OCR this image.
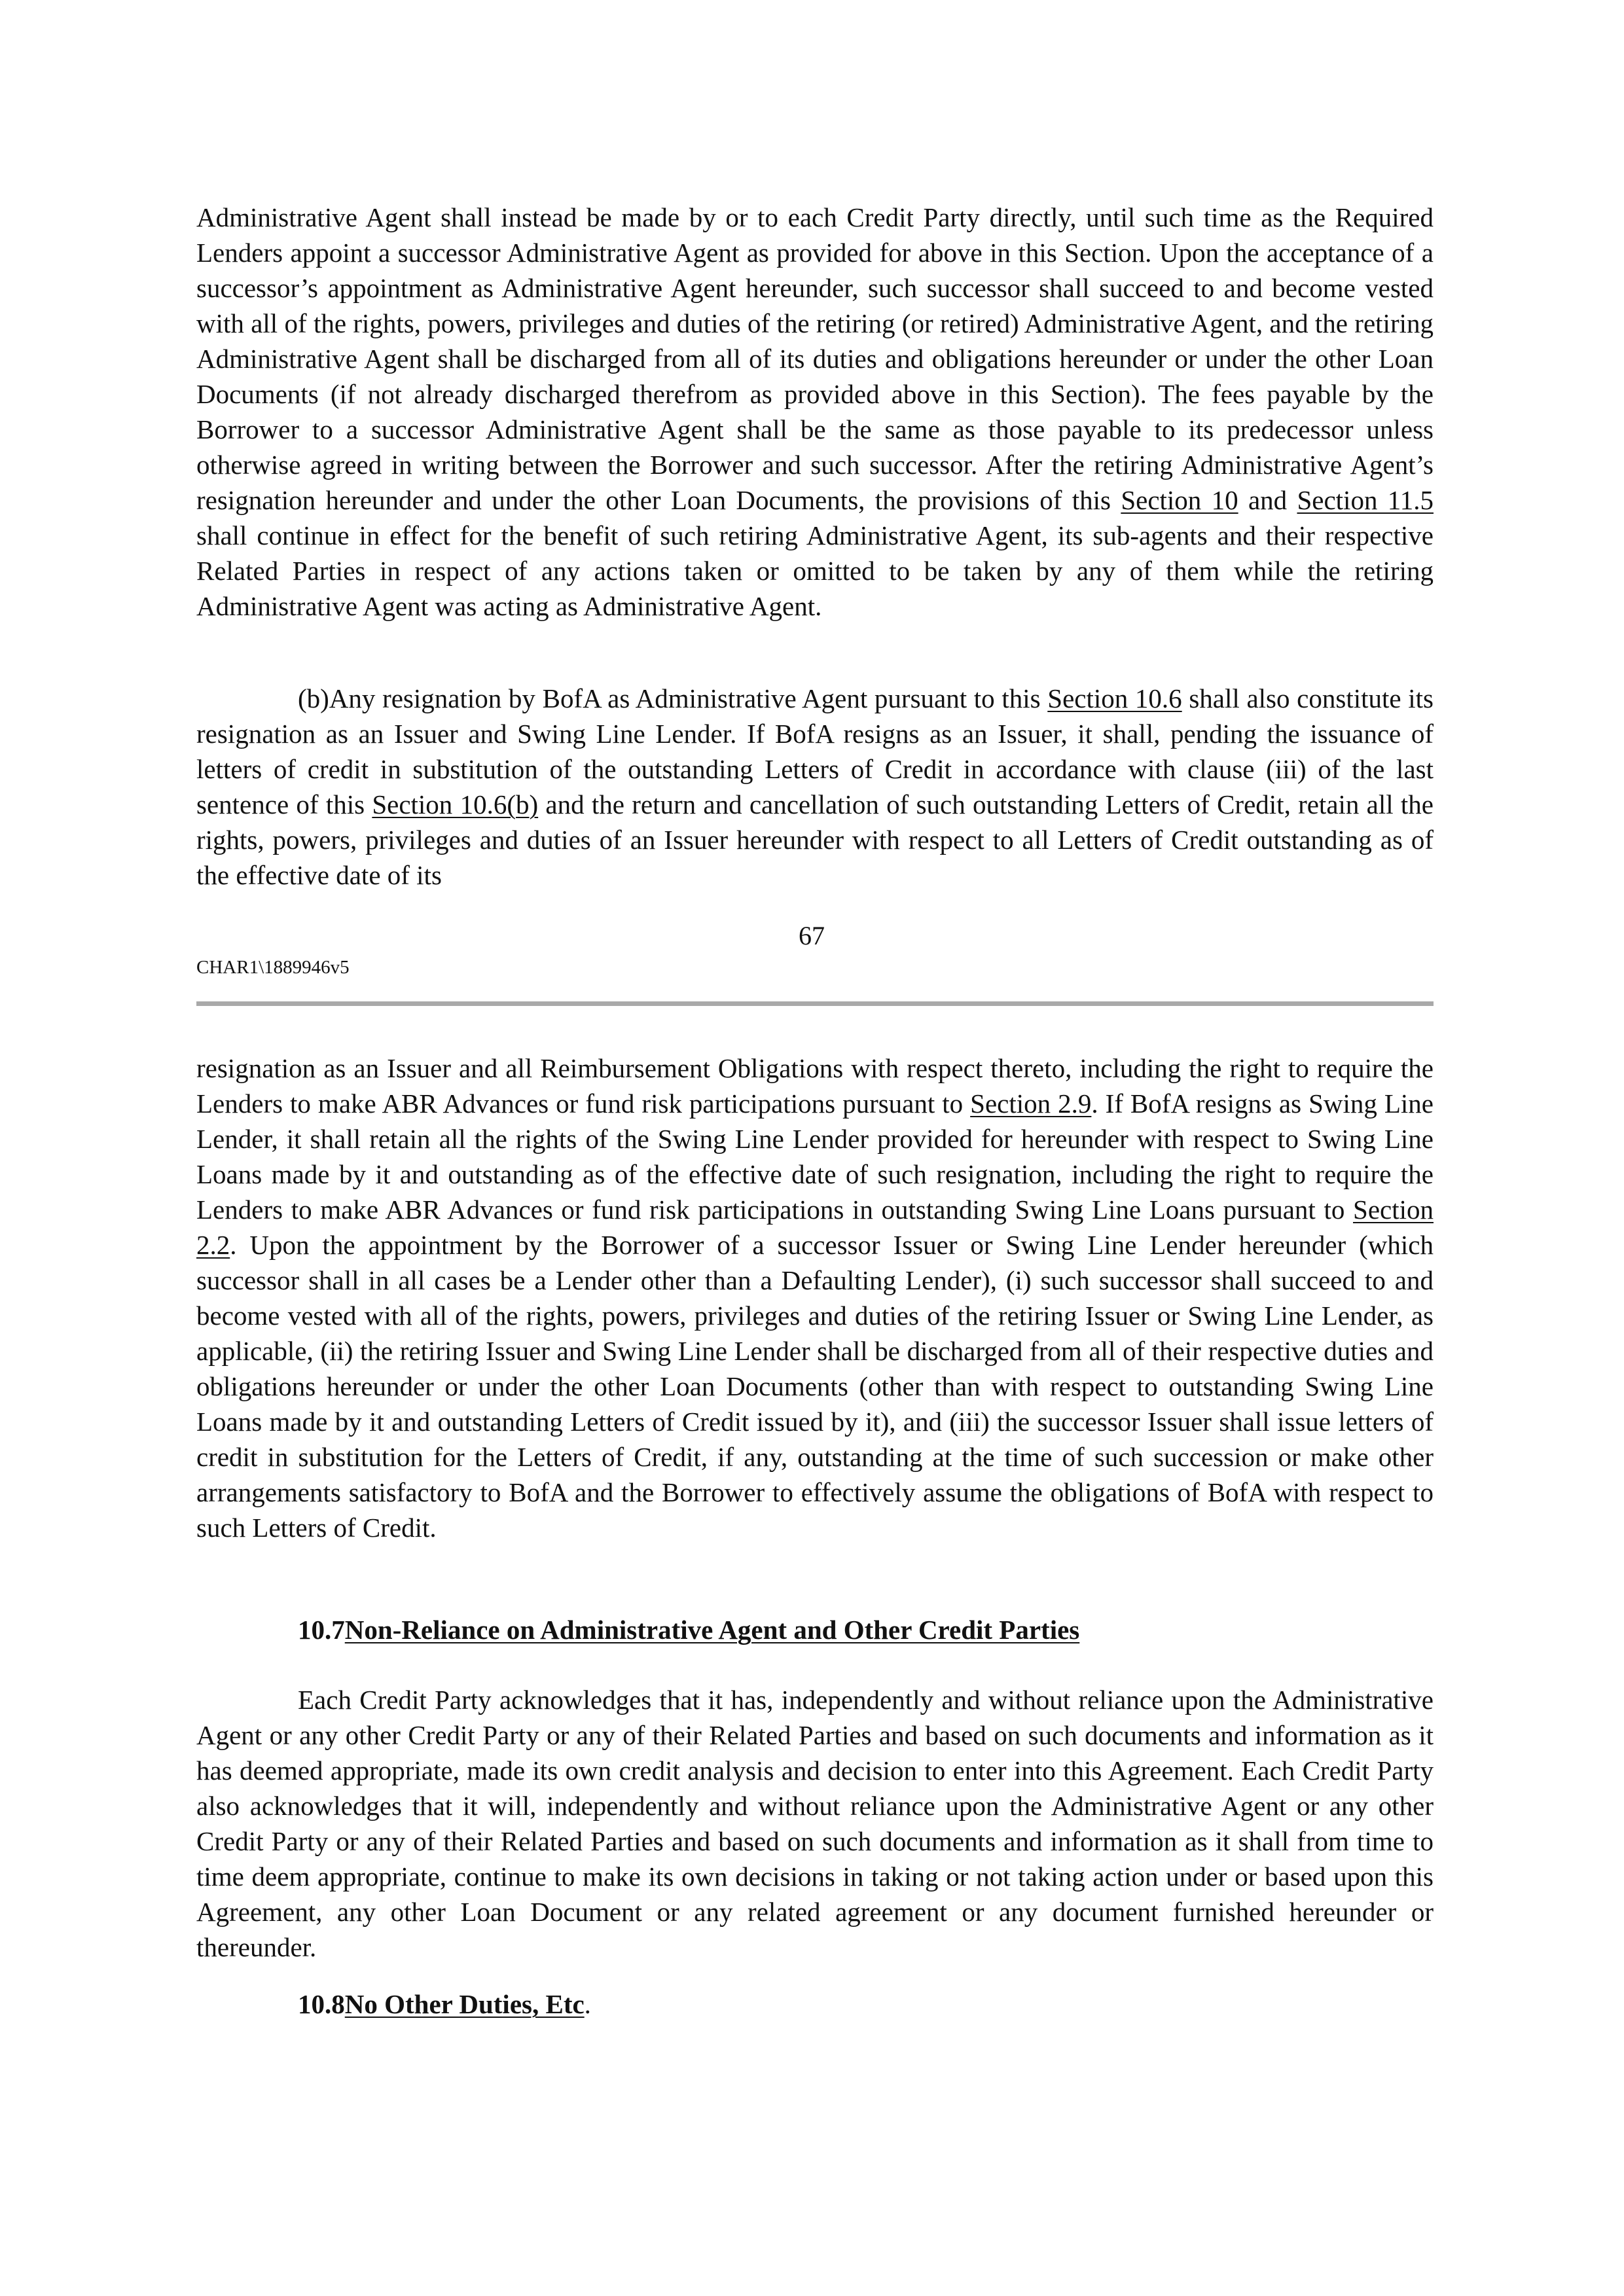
Administrative Agent shall instead be made by or to each Credit Party directly, until such time as the Required Lenders appoint a successor Administrative Agent as provided for above in this Section. Upon the acceptance of a successor’s appointment as Administrative Agent hereunder, such successor shall succeed to and become vested with all of the rights, powers, privileges and duties of the retiring (or retired) Administrative Agent, and the retiring Administrative Agent shall be discharged from all of its duties and obligations hereunder or under the other Loan Documents (if not already discharged therefrom as provided above in this Section). The fees payable by the Borrower to a successor Administrative Agent shall be the same as those payable to its predecessor unless otherwise agreed in writing between the Borrower and such successor. After the retiring Administrative Agent’s resignation hereunder and under the other Loan Documents, the provisions of this Section 10 and Section 11.5 shall continue in effect for the benefit of such retiring Administrative Agent, its sub-agents and their respective Related Parties in respect of any actions taken or omitted to be taken by any of them while the retiring Administrative Agent was acting as Administrative Agent.

(b)Any resignation by BofA as Administrative Agent pursuant to this Section 10.6 shall also constitute its resignation as an Issuer and Swing Line Lender. If BofA resigns as an Issuer, it shall, pending the issuance of letters of credit in substitution of the outstanding Letters of Credit in accordance with clause (iii) of the last sentence of this Section 10.6(b) and the return and cancellation of such outstanding Letters of Credit, retain all the rights, powers, privileges and duties of an Issuer hereunder with respect to all Letters of Credit outstanding as of the effective date of its

67
CHAR1\1889946v5

resignation as an Issuer and all Reimbursement Obligations with respect thereto, including the right to require the Lenders to make ABR Advances or fund risk participations pursuant to Section 2.9. If BofA resigns as Swing Line Lender, it shall retain all the rights of the Swing Line Lender provided for hereunder with respect to Swing Line Loans made by it and outstanding as of the effective date of such resignation, including the right to require the Lenders to make ABR Advances or fund risk participations in outstanding Swing Line Loans pursuant to Section 2.2. Upon the appointment by the Borrower of a successor Issuer or Swing Line Lender hereunder (which successor shall in all cases be a Lender other than a Defaulting Lender), (i) such successor shall succeed to and become vested with all of the rights, powers, privileges and duties of the retiring Issuer or Swing Line Lender, as applicable, (ii) the retiring Issuer and Swing Line Lender shall be discharged from all of their respective duties and obligations hereunder or under the other Loan Documents (other than with respect to outstanding Swing Line Loans made by it and outstanding Letters of Credit issued by it), and (iii) the successor Issuer shall issue letters of credit in substitution for the Letters of Credit, if any, outstanding at the time of such succession or make other arrangements satisfactory to BofA and the Borrower to effectively assume the obligations of BofA with respect to such Letters of Credit.

10.7Non-Reliance on Administrative Agent and Other Credit Parties

Each Credit Party acknowledges that it has, independently and without reliance upon the Administrative Agent or any other Credit Party or any of their Related Parties and based on such documents and information as it has deemed appropriate, made its own credit analysis and decision to enter into this Agreement. Each Credit Party also acknowledges that it will, independently and without reliance upon the Administrative Agent or any other Credit Party or any of their Related Parties and based on such documents and information as it shall from time to time deem appropriate, continue to make its own decisions in taking or not taking action under or based upon this Agreement, any other Loan Document or any related agreement or any document furnished hereunder or thereunder.

10.8No Other Duties, Etc.
